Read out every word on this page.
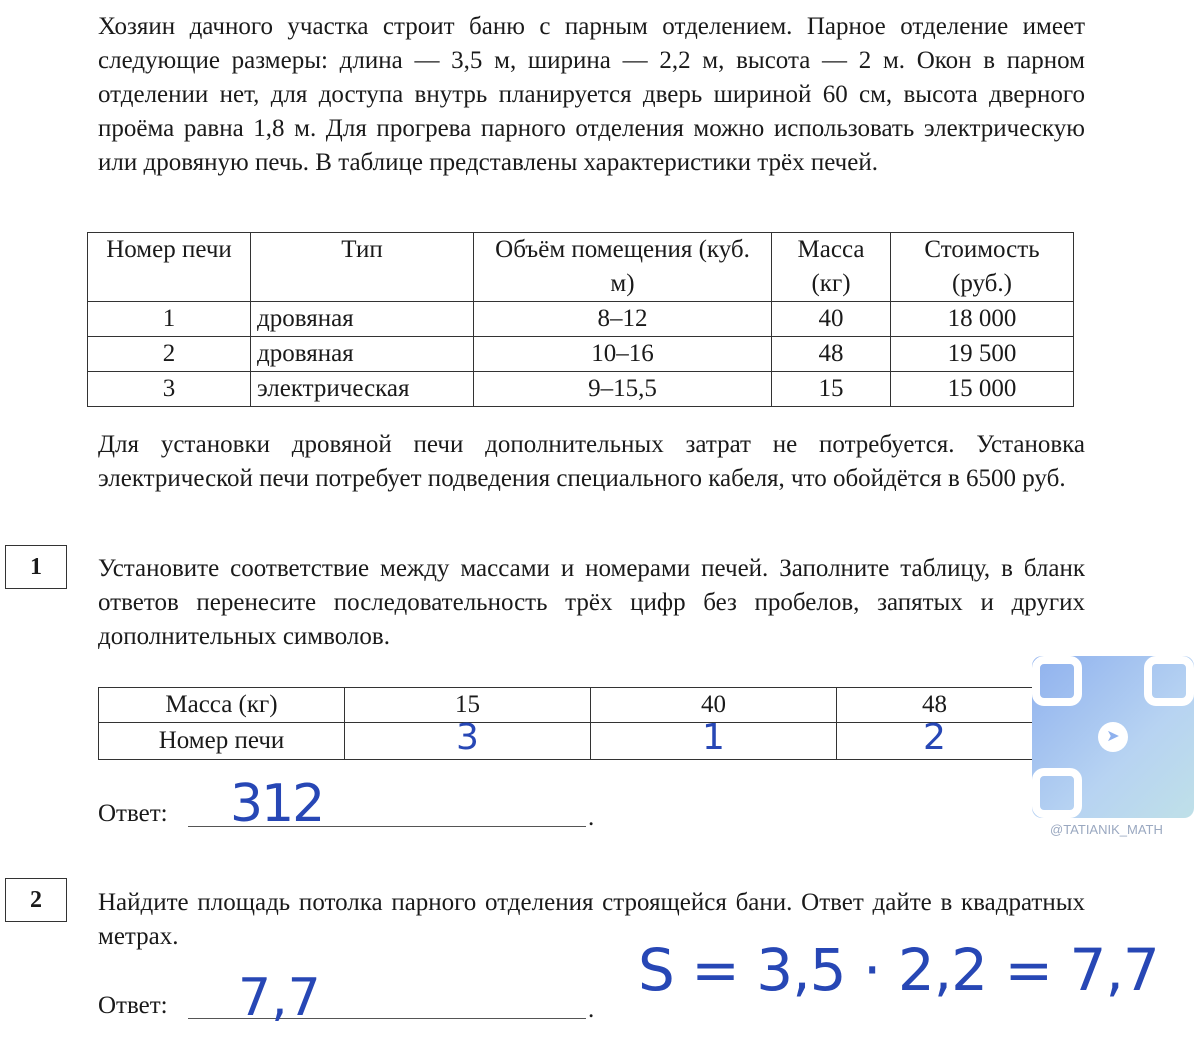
Хозяин дачного участка строит баню с парным отделением. Парное отделение имеет следующие размеры: длина — 3,5 м, ширина — 2,2 м, высота — 2 м. Окон в парном отделении нет, для доступа внутрь планируется дверь шириной 60 см, высота дверного проёма равна 1,8 м. Для прогрева парного отделения можно использовать электрическую или дровяную печь. В таблице представлены характеристики трёх печей.
Номер печи	Тип	Объём помещения (куб. м)	Масса (кг)	Стоимость (руб.)
1	дровяная	8–12	40	18 000
2	дровяная	10–16	48	19 500
3	электрическая	9–15,5	15	15 000
Для установки дровяной печи дополнительных затрат не потребуется. Установка электрической печи потребует подведения специального кабеля, что обойдётся в 6500 руб.
1	Установите соответствие между массами и номерами печей. Заполните таблицу, в бланк ответов перенесите последовательность трёх цифр без пробелов, запятых и других дополнительных символов.
Масса (кг)	15	40	48
Номер печи	3	1	2
Ответ:	.
312
2	Найдите площадь потолка парного отделения строящейся бани. Ответ дайте в квадратных метрах.	S = 3,5 · 2,2 = 7,7
Ответ:	.
7,7
➤
@TATIANIK_MATH
